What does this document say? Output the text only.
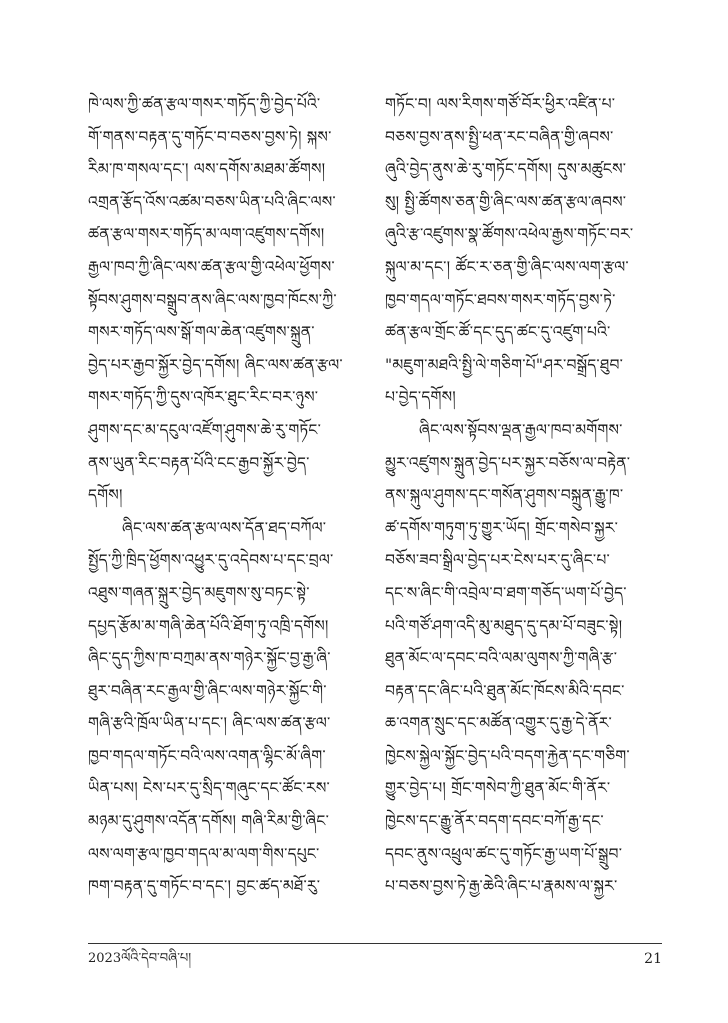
ཁེ་ལས་ཀྱི་ཚན་རྩལ་གསར་གཏོད་ཀྱི་བྱེད་པོའི་
གོ་གནས་བརྟན་དུ་གཏོང་བ་བཅས་བྱས་ཏེ། སྐས་
རིམ་ཁ་གསལ་དང་། ལས་དགོས་མཐམ་ཚོགས།
འགྲན་རྩོད་འོས་འཚམ་བཅས་ཡིན་པའི་ཞིང་ལས་
ཚན་རྩལ་གསར་གཏོད་མ་ལག་འཛུགས་དགོས།
རྒྱལ་ཁབ་ཀྱི་ཞིང་ལས་ཚན་རྩལ་གྱི་འཕེལ་ཕྱོགས་
སྟོབས་ཤུགས་བསྒྲུབ་ནས་ཞིང་ལས་ཁྱབ་ཁོངས་ཀྱི་
གསར་གཏོད་ལས་སྒོ་གལ་ཆེན་འཛུགས་སྐྲུན་
བྱེད་པར་རྒྱབ་སྐྱོར་བྱེད་དགོས། ཞིང་ལས་ཚན་རྩལ་
གསར་གཏོད་ཀྱི་དུས་འཁོར་ཐུང་རིང་བར་ཉུས་
ཤུགས་དང་མ་དངུལ་འཛོག་ཤུགས་ཆེ་རུ་གཏོང་
ནས་ཡུན་རིང་བརྟན་པོའི་ངང་རྒྱབ་སྐྱོར་བྱེད་
དགོས།
ཞིང་ལས་ཚན་རྩལ་ལས་དོན་ཐད་བཀོལ་
སྤྱོད་ཀྱི་ཁྲིད་ཕྱོགས་འཕྱུར་དུ་འདེབས་པ་དང་བྲལ་
འཐུས་གཞན་སྐྲུར་བྱེད་མཇུགས་སུ་བཏང་སྟེ་
དཔྱད་རྩོམ་མ་གཞི་ཆེན་པོའི་ཐོག་ཏུ་འཁྲི་དགོས།
ཞིང་དུད་ཀྱིས་ཁ་བཀྲམ་ནས་གཉེར་སྐྱོང་བྱ་རྒྱ་ཞི་
ཐུར་བཞིན་རང་རྒྱལ་གྱི་ཞིང་ལས་གཉེར་སྐྱོང་གི་
གཞི་རྩའི་ཁྲོལ་ཡིན་པ་དང་། ཞིང་ལས་ཚན་རྩལ་
ཁྱབ་གདལ་གཏོང་བའི་ལས་འགན་ལྷིང་མོ་ཞིག་
ཡིན་པས། ངེས་པར་དུ་སྲིད་གཞུང་དང་ཚོང་རས་
མཉམ་དུ་ཤུགས་འདོན་དགོས། གཞི་རིམ་གྱི་ཞིང་
ལས་ལག་རྩལ་ཁྱབ་གདལ་མ་ལག་གིས་དཔུང་
ཁག་བརྟན་དུ་གཏོང་བ་དང་། བྱང་ཚད་མཐོ་རུ་
གཏོང་བ། ལས་རིགས་གཙོ་བོར་ཕྱིར་འཛིན་པ་
བཅས་བྱས་ནས་སྤྱི་ཕན་རང་བཞིན་གྱི་ཞབས་
ཞུའི་བྱེད་ནུས་ཆེ་རུ་གཏོང་དགོས། དུས་མཚུངས་
སུ། སྤྱི་ཚོགས་ཅན་གྱི་ཞིང་ལས་ཚན་རྩལ་ཞབས་
ཞུའི་རྩ་འཛུགས་སྣ་ཚོགས་འཕེལ་རྒྱས་གཏོང་བར་
སྐུལ་མ་དང་། ཚོང་ར་ཅན་གྱི་ཞིང་ལས་ལག་རྩལ་
ཁྱབ་གདལ་གཏོང་ཐབས་གསར་གཏོད་བྱས་ཏེ་
ཚན་རྩལ་གྲོང་ཚོ་དང་དུད་ཚང་དུ་འཛུག་པའི་
"མཇུག་མཐའི་སྤྱི་ལེ་གཅིག་པོ"ཤར་བསྒྲོད་ཐུབ་
པ་བྱེད་དགོས།
ཞིང་ལས་སྟོབས་ལྡན་རྒྱལ་ཁབ་མགོགས་
མྱུར་འཛུགས་སྐྲུན་བྱེད་པར་སྐྱར་བཅོས་ལ་བརྟེན་
ནས་སྐུལ་ཤུགས་དང་གསོན་ཤུགས་བསྐྲུན་རྒྱུ་ཁ་
ཚ་དགོས་གཏུག་ཏུ་གྱུར་ཡོད། གྲོང་གསེབ་སྐྱར་
བཅོས་ཟབ་སྒྲིལ་བྱེད་པར་ངེས་པར་དུ་ཞིང་པ་
དང་ས་ཞིང་གི་འབྲེལ་བ་ཐག་གཅོད་ཡག་པོ་བྱེད་
པའི་གཙོ་ཤག་འདི་མུ་མཐུད་དུ་དམ་པོ་བཟུང་སྟེ།
ཐུན་མོང་ལ་དབང་བའི་ལམ་ལུགས་ཀྱི་གཞི་རྩ་
བརྟན་དང་ཞིང་པའི་ཐུན་མོང་ཁོངས་མིའི་དབང་
ཆ་འགན་སྲུང་དང་མཚོན་འགྱུར་དུ་རྒྱ་དེ་ནོར་
ཁྱེངས་སྐྱེལ་སྐྱོང་བྱེད་པའི་བདག་རྐྱེན་དང་གཅིག་
གྱུར་བྱེད་པ། གྲོང་གསེབ་ཀྱི་ཐུན་མོང་གི་ནོར་
ཁྱེངས་དང་རྒྱུ་ནོར་བདག་དབང་བཀོ་རྒྱ་དང་
དབང་ནུས་འཕྲུལ་ཚང་དུ་གཏོང་རྒྱ་ཡག་པོ་སྒྲུབ་
པ་བཅས་བྱས་ཏེ་རྒྱ་ཆེའི་ཞིང་པ་རྣམས་ལ་སྐྱར་
2023ལོའི་དེབ་བཞི་པ།	21
